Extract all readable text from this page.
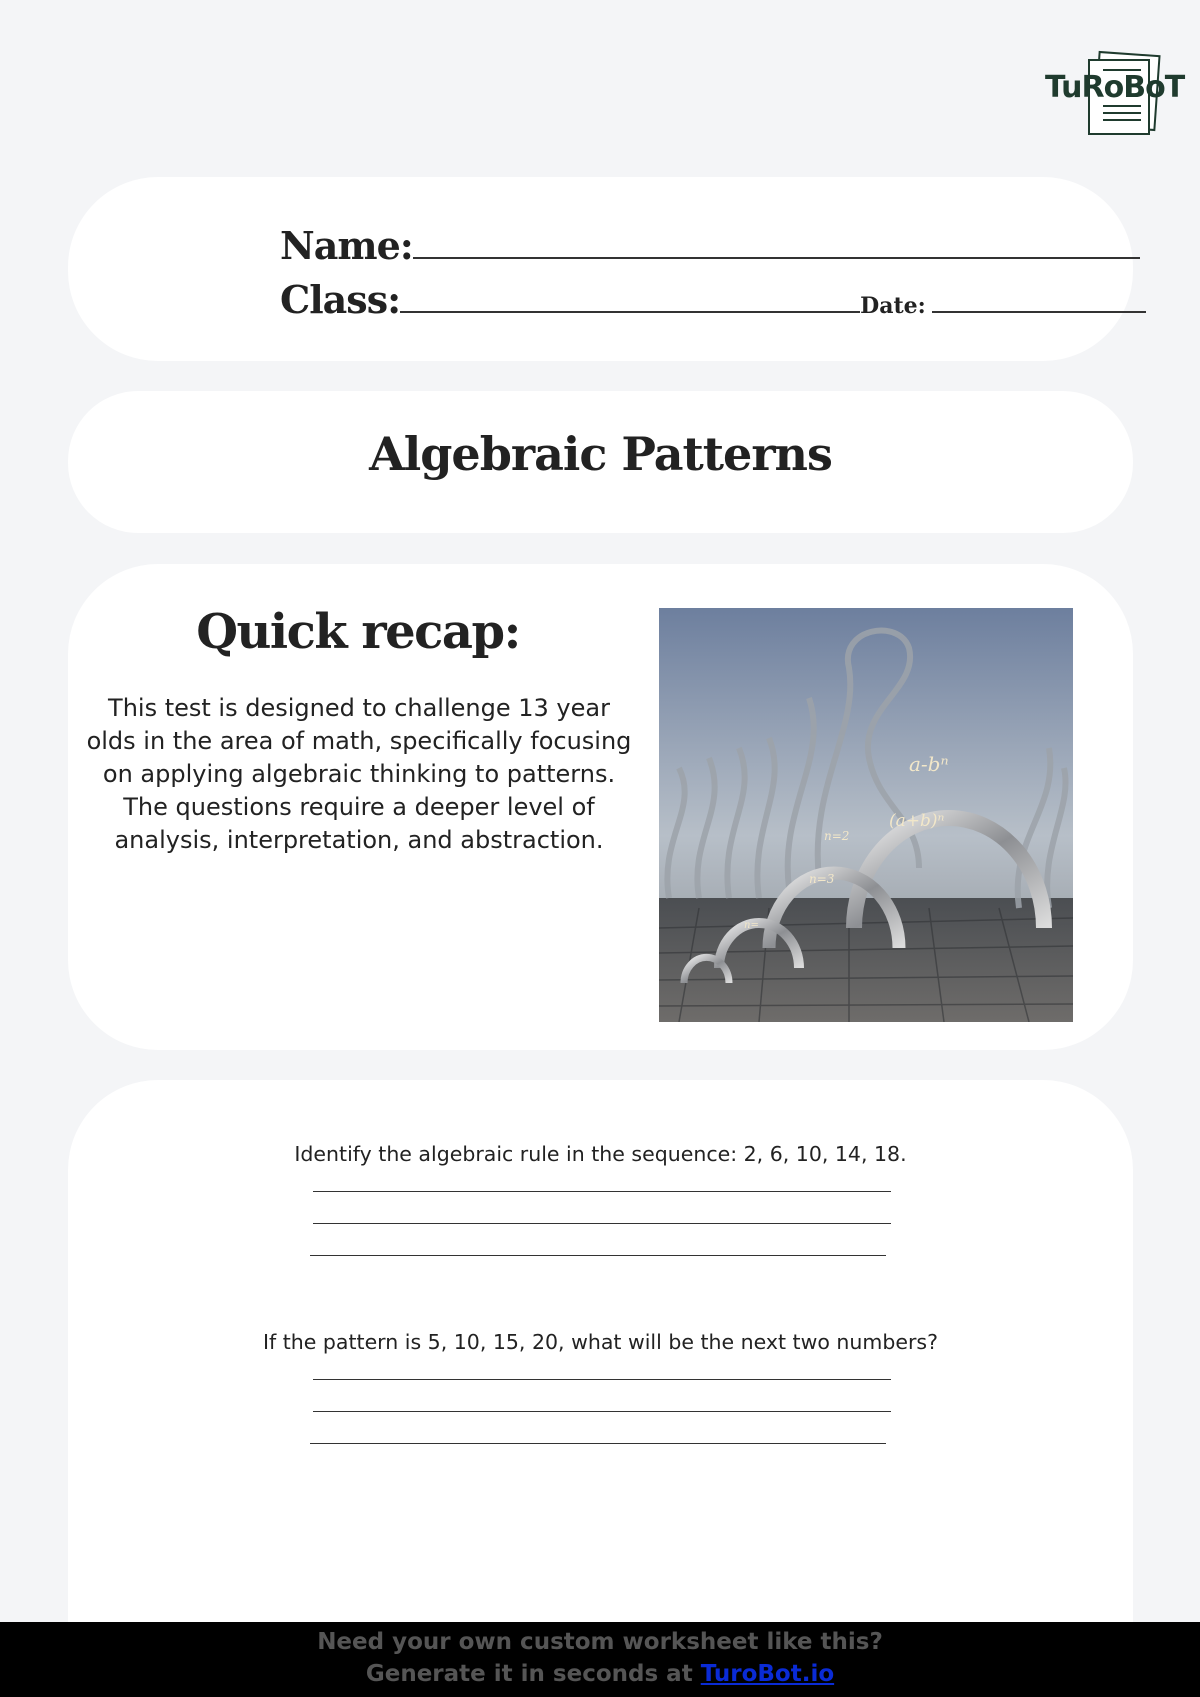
TuRoBoT
Name:
Class:	Date:
Algebraic Patterns
Quick recap:
This test is designed to challenge 13 year olds in the area of math, specifically focusing on applying algebraic thinking to patterns. The questions require a deeper level of analysis, interpretation, and abstraction.
a-bⁿ
(a+b)ⁿ
n=2
n=3
n=
Identify the algebraic rule in the sequence: 2, 6, 10, 14, 18.
If the pattern is 5, 10, 15, 20, what will be the next two numbers?
Need your own custom worksheet like this?
Generate it in seconds at TuroBot.io
